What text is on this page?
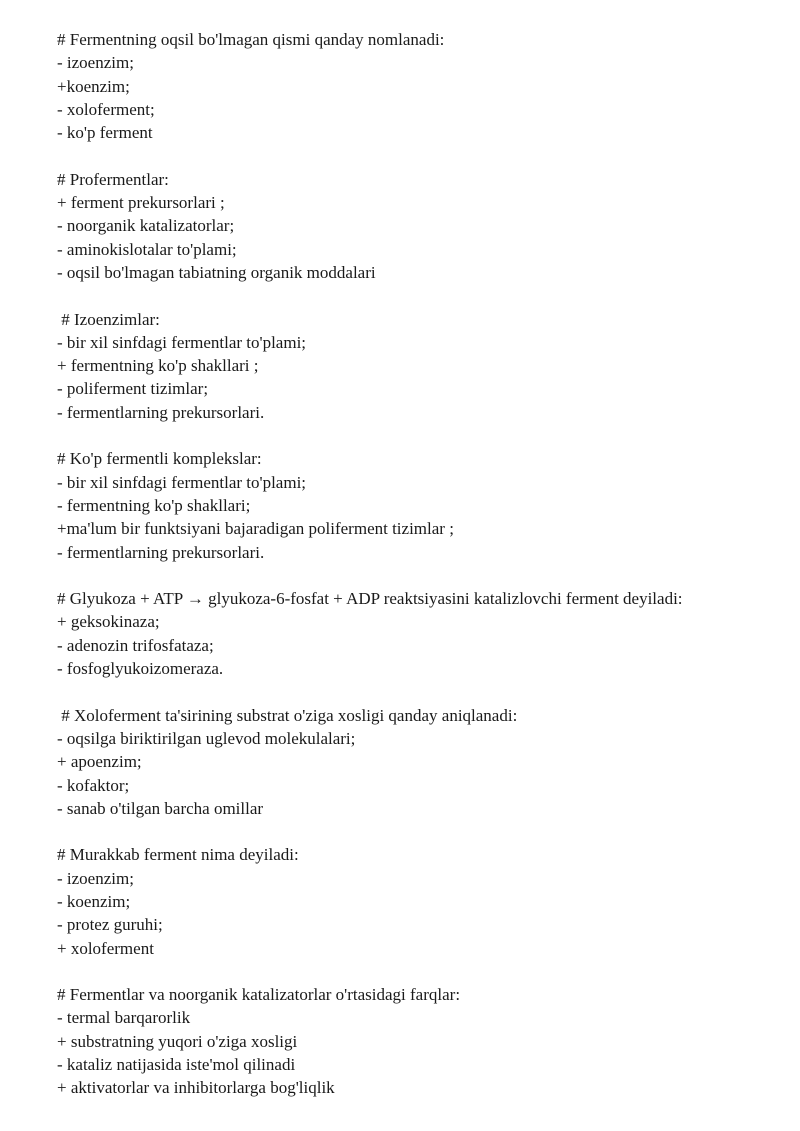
# Fermentning oqsil bo'lmagan qismi qanday nomlanadi:
- izoenzim;
+koenzim;
- xoloferment;
- ko'p ferment
# Profermentlar:
+ ferment prekursorlari ;
- noorganik katalizatorlar;
- aminokislotalar to'plami;
- oqsil bo'lmagan tabiatning organik moddalari
# Izoenzimlar:
- bir xil sinfdagi fermentlar to'plami;
+ fermentning ko'p shakllari ;
- poliferment tizimlar;
- fermentlarning prekursorlari.
# Ko'p fermentli komplekslar:
- bir xil sinfdagi fermentlar to'plami;
- fermentning ko'p shakllari;
+ma'lum bir funktsiyani bajaradigan poliferment tizimlar ;
- fermentlarning prekursorlari.
# Glyukoza + ATP → glyukoza-6-fosfat + ADP reaktsiyasini katalizlovchi ferment deyiladi:
+ geksokinaza;
- adenozin trifosfataza;
- fosfoglyukoizomeraza.
# Xoloferment ta'sirining substrat o'ziga xosligi qanday aniqlanadi:
- oqsilga biriktirilgan uglevod molekulalari;
+ apoenzim;
- kofaktor;
- sanab o'tilgan barcha omillar
# Murakkab ferment nima deyiladi:
- izoenzim;
- koenzim;
- protez guruhi;
+ xoloferment
# Fermentlar va noorganik katalizatorlar o'rtasidagi farqlar:
- termal barqarorlik
+ substratning yuqori o'ziga xosligi
- kataliz natijasida iste'mol qilinadi
+ aktivatorlar va inhibitorlarga bog'liqlik
